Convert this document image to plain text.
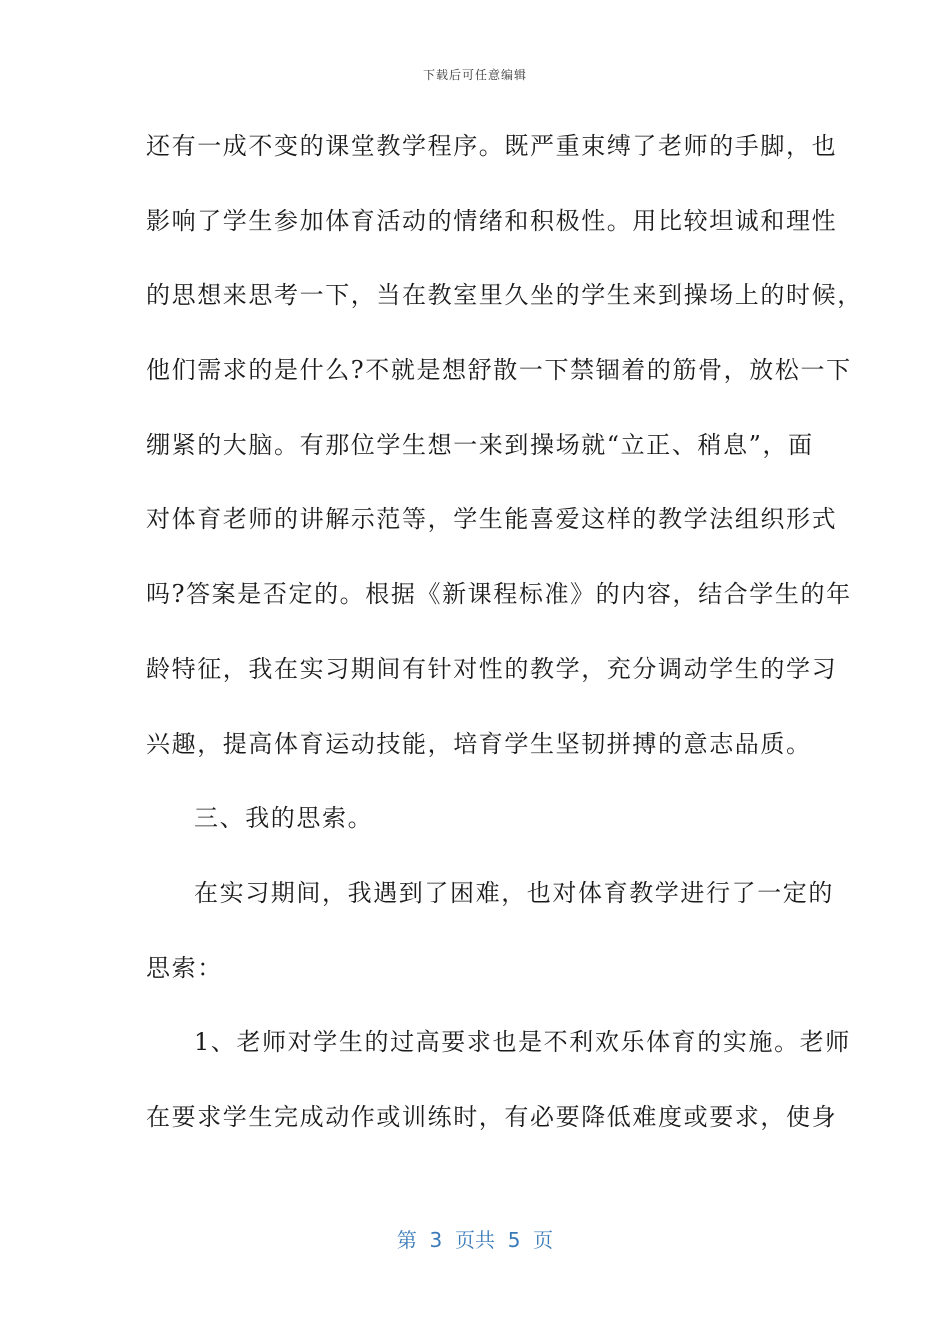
下载后可任意编辑
还有一成不变的课堂教学程序。既严重束缚了老师的手脚，也
影响了学生参加体育活动的情绪和积极性。用比较坦诚和理性
的思想来思考一下，当在教室里久坐的学生来到操场上的时候，
他们需求的是什么?不就是想舒散一下禁锢着的筋骨，放松一下
绷紧的大脑。有那位学生想一来到操场就“立正、稍息”，面
对体育老师的讲解示范等，学生能喜爱这样的教学法组织形式
吗?答案是否定的。根据《新课程标准》的内容，结合学生的年
龄特征，我在实习期间有针对性的教学，充分调动学生的学习
兴趣，提高体育运动技能，培育学生坚韧拼搏的意志品质。
三、我的思索。
在实习期间，我遇到了困难，也对体育教学进行了一定的
思索：
1、老师对学生的过高要求也是不利欢乐体育的实施。老师
在要求学生完成动作或训练时，有必要降低难度或要求，使身
第  3  页共  5  页
